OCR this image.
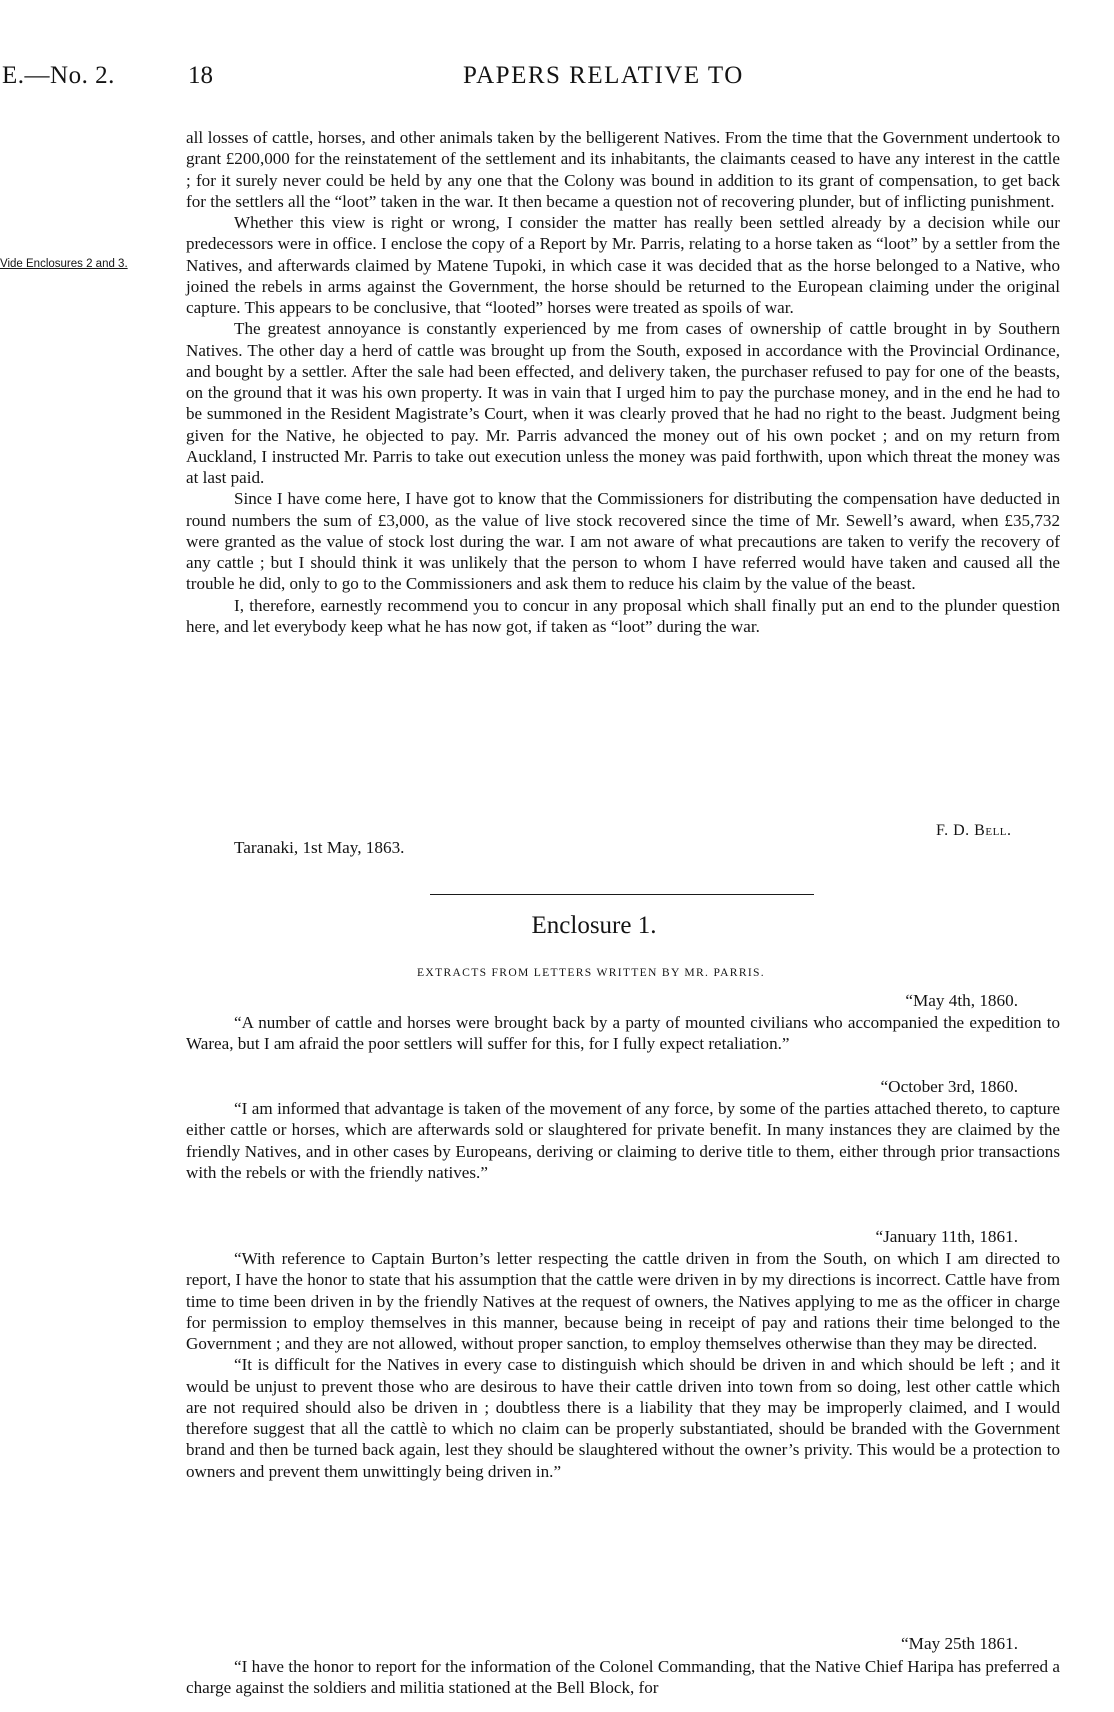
E.—No. 2.	18	PAPERS RELATIVE TO
Vide Enclosures 2 and 3.

all losses of cattle, horses, and other animals taken by the belligerent Natives. From the time that the Government undertook to grant £200,000 for the reinstatement of the settlement and its inhabitants, the claimants ceased to have any interest in the cattle ; for it surely never could be held by any one that the Colony was bound in addition to its grant of compensation, to get back for the settlers all the “loot” taken in the war. It then became a question not of recovering plunder, but of inflicting punishment.

Whether this view is right or wrong, I consider the matter has really been settled already by a decision while our predecessors were in office. I enclose the copy of a Report by Mr. Parris, relating to a horse taken as “loot” by a settler from the Natives, and afterwards claimed by Matene Tupoki, in which case it was decided that as the horse belonged to a Native, who joined the rebels in arms against the Government, the horse should be returned to the European claiming under the original capture. This appears to be conclusive, that “looted” horses were treated as spoils of war.

The greatest annoyance is constantly experienced by me from cases of ownership of cattle brought in by Southern Natives. The other day a herd of cattle was brought up from the South, exposed in accordance with the Provincial Ordinance, and bought by a settler. After the sale had been effected, and delivery taken, the purchaser refused to pay for one of the beasts, on the ground that it was his own property. It was in vain that I urged him to pay the purchase money, and in the end he had to be summoned in the Resident Magistrate’s Court, when it was clearly proved that he had no right to the beast. Judgment being given for the Native, he objected to pay. Mr. Parris advanced the money out of his own pocket ; and on my return from Auckland, I instructed Mr. Parris to take out execution unless the money was paid forthwith, upon which threat the money was at last paid.

Since I have come here, I have got to know that the Commissioners for distributing the compensation have deducted in round numbers the sum of £3,000, as the value of live stock recovered since the time of Mr. Sewell’s award, when £35,732 were granted as the value of stock lost during the war. I am not aware of what precautions are taken to verify the recovery of any cattle ; but I should think it was unlikely that the person to whom I have referred would have taken and caused all the trouble he did, only to go to the Commissioners and ask them to reduce his claim by the value of the beast.

I, therefore, earnestly recommend you to concur in any proposal which shall finally put an end to the plunder question here, and let everybody keep what he has now got, if taken as “loot” during the war.

F. D. Bell.
Taranaki, 1st May, 1863.
Enclosure 1.
EXTRACTS FROM LETTERS WRITTEN BY MR. PARRIS.
“May 4th, 1860.

“A number of cattle and horses were brought back by a party of mounted civilians who accompanied the expedition to Warea, but I am afraid the poor settlers will suffer for this, for I fully expect retaliation.”

“October 3rd, 1860.

“I am informed that advantage is taken of the movement of any force, by some of the parties attached thereto, to capture either cattle or horses, which are afterwards sold or slaughtered for private benefit. In many instances they are claimed by the friendly Natives, and in other cases by Europeans, deriving or claiming to derive title to them, either through prior transactions with the rebels or with the friendly natives.”

“January 11th, 1861.

“With reference to Captain Burton’s letter respecting the cattle driven in from the South, on which I am directed to report, I have the honor to state that his assumption that the cattle were driven in by my directions is incorrect. Cattle have from time to time been driven in by the friendly Natives at the request of owners, the Natives applying to me as the officer in charge for permission to employ themselves in this manner, because being in receipt of pay and rations their time belonged to the Government ; and they are not allowed, without proper sanction, to employ themselves otherwise than they may be directed.

“It is difficult for the Natives in every case to distinguish which should be driven in and which should be left ; and it would be unjust to prevent those who are desirous to have their cattle driven into town from so doing, lest other cattle which are not required should also be driven in ; doubtless there is a liability that they may be improperly claimed, and I would therefore suggest that all the cattlè to which no claim can be properly substantiated, should be branded with the Government brand and then be turned back again, lest they should be slaughtered without the owner’s privity. This would be a protection to owners and prevent them unwittingly being driven in.”

“May 25th 1861.

“I have the honor to report for the information of the Colonel Commanding, that the Native Chief Haripa has preferred a charge against the soldiers and militia stationed at the Bell Block, for
